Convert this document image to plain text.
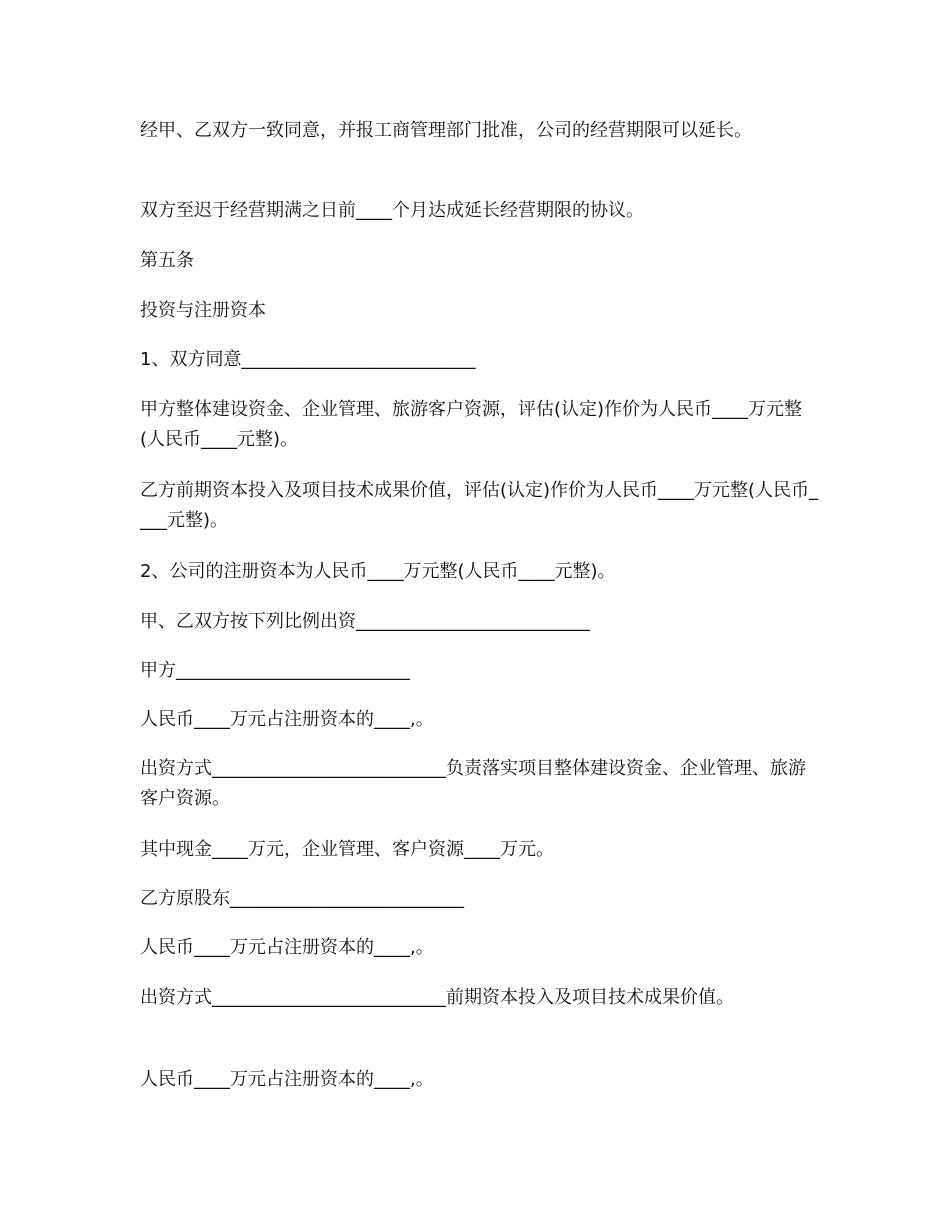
经甲、乙双方一致同意，并报工商管理部门批准，公司的经营期限可以延长。

双方至迟于经营期满之日前____个月达成延长经营期限的协议。

第五条

投资与注册资本

1、双方同意__________________________

甲方整体建设资金、企业管理、旅游客户资源，评估(认定)作价为人民币____万元整(人民币____元整)。

乙方前期资本投入及项目技术成果价值，评估(认定)作价为人民币____万元整(人民币____元整)。

2、公司的注册资本为人民币____万元整(人民币____元整)。

甲、乙双方按下列比例出资__________________________

甲方__________________________

人民币____万元占注册资本的____,。

出资方式__________________________负责落实项目整体建设资金、企业管理、旅游客户资源。

其中现金____万元，企业管理、客户资源____万元。

乙方原股东__________________________

人民币____万元占注册资本的____,。

出资方式__________________________前期资本投入及项目技术成果价值。

人民币____万元占注册资本的____,。
